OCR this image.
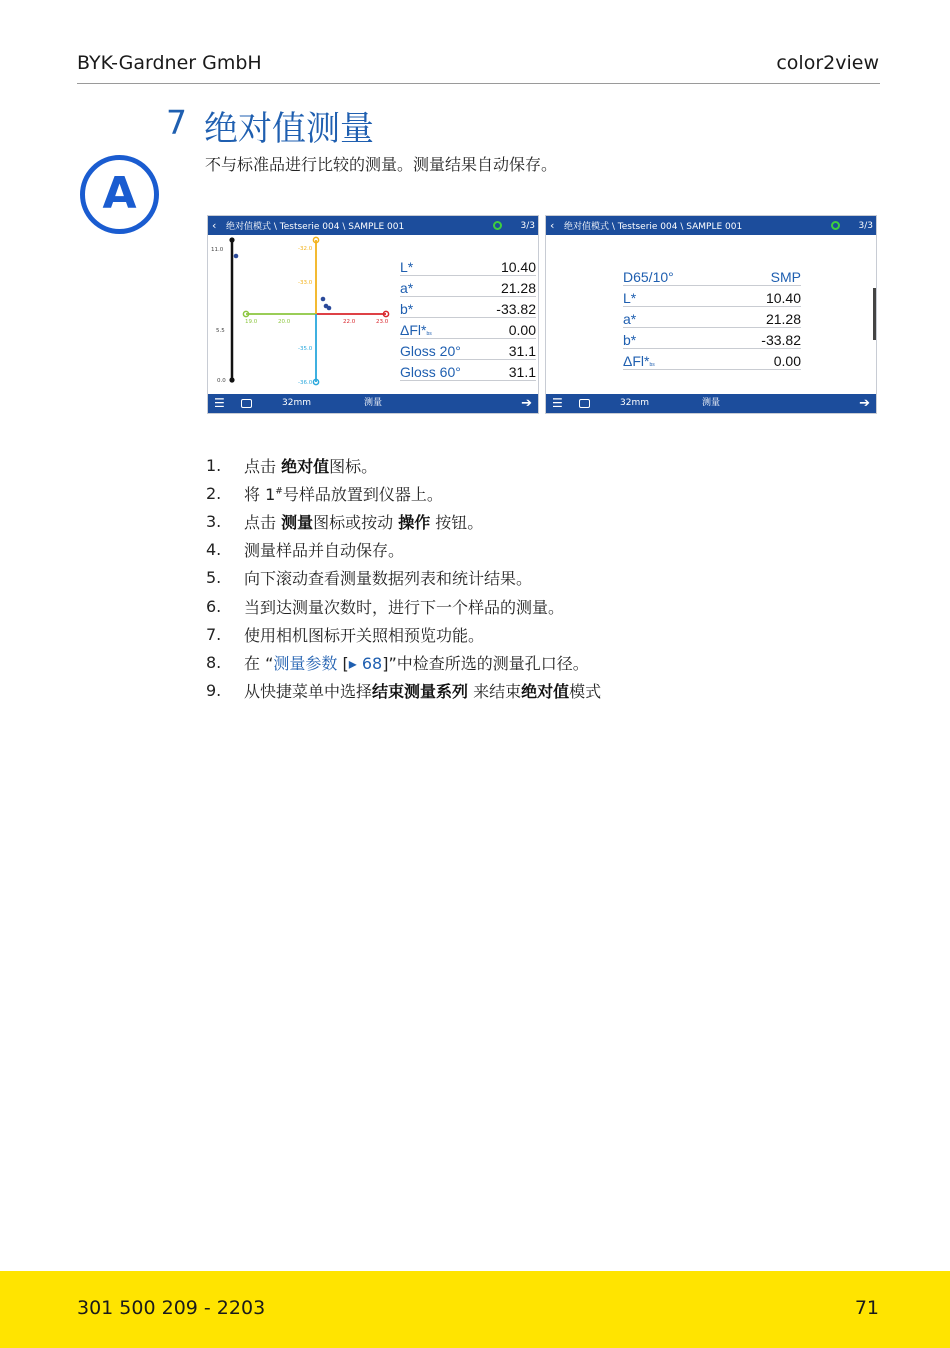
BYK-Gardner GmbH	color2view
7 绝对值测量
不与标准品进行比较的测量。测量结果自动保存。
A
‹	绝对值模式 \ Testserie 004 \ SAMPLE 001	3/3
11.0
5.5
0.0
19.0	20.0	22.0	23.0
-32.0
-33.0
-35.0
-36.0
L*	10.40
a*	21.28
b*	-33.82
ΔFl*bs	0.00
Gloss 20°	31.1
Gloss 60°	31.1
☰	32mm	测量	➔
‹	绝对值模式 \ Testserie 004 \ SAMPLE 001	3/3
D65/10°	SMP
L*	10.40
a*	21.28
b*	-33.82
ΔFl*bs	0.00
☰	32mm	测量	➔
1.	点击 绝对值图标。
2.	将 1#号样品放置到仪器上。
3.	点击 测量图标或按动 操作 按钮。
4.	测量样品并自动保存。
5.	向下滚动查看测量数据列表和统计结果。
6.	当到达测量次数时，进行下一个样品的测量。
7.	使用相机图标开关照相预览功能。
8.	在 “测量参数 [▸ 68]”中检查所选的测量孔口径。
9.	从快捷菜单中选择结束测量系列 来结束绝对值模式
301 500 209 - 2203	71
